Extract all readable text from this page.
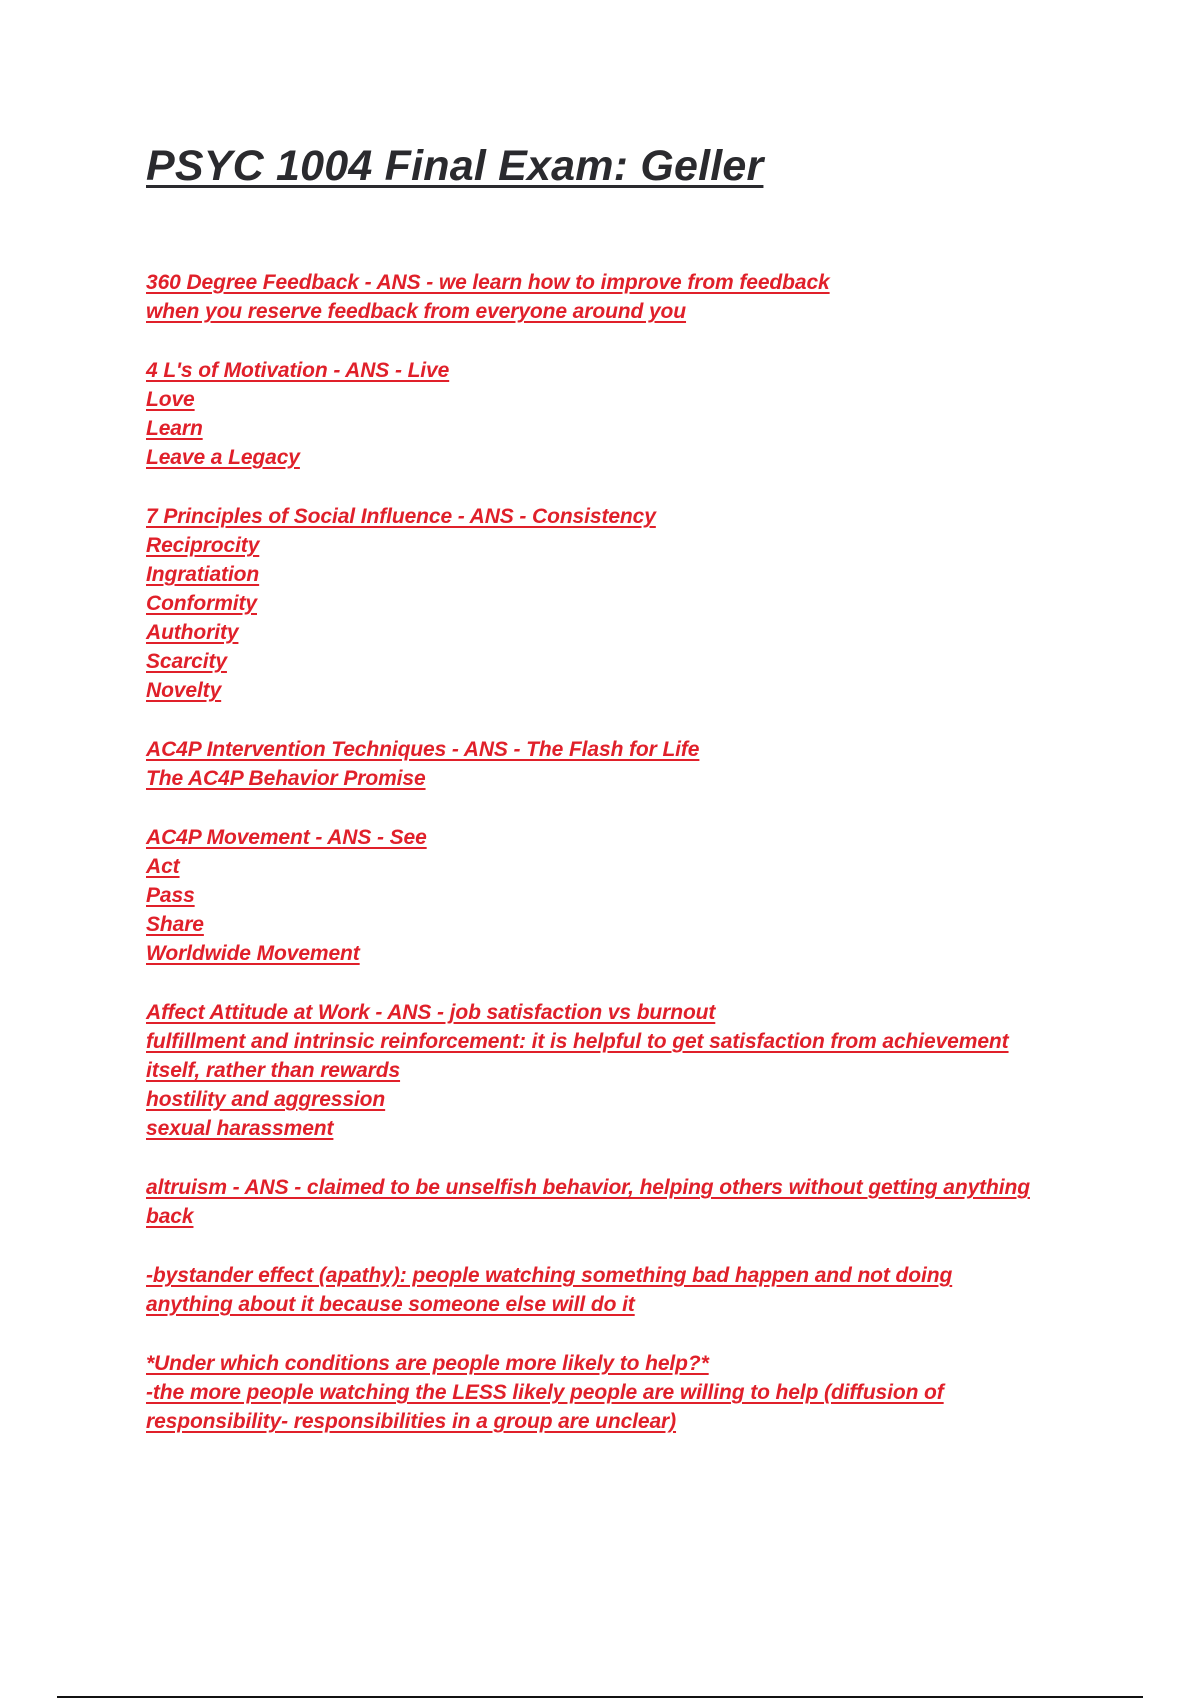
PSYC 1004 Final Exam: Geller

360 Degree Feedback - ANS - we learn how to improve from feedback

when you reserve feedback from everyone around you

4 L's of Motivation - ANS - Live

Love

Learn

Leave a Legacy

7 Principles of Social Influence - ANS - Consistency

Reciprocity

Ingratiation

Conformity

Authority

Scarcity

Novelty

AC4P Intervention Techniques - ANS - The Flash for Life

The AC4P Behavior Promise

AC4P Movement - ANS - See

Act

Pass

Share

Worldwide Movement

Affect Attitude at Work - ANS - job satisfaction vs burnout

fulfillment and intrinsic reinforcement: it is helpful to get satisfaction from achievement

itself, rather than rewards

hostility and aggression

sexual harassment

altruism - ANS - claimed to be unselfish behavior, helping others without getting anything

back

-bystander effect (apathy): people watching something bad happen and not doing

anything about it because someone else will do it

*Under which conditions are people more likely to help?*

-the more people watching the LESS likely people are willing to help (diffusion of

responsibility- responsibilities in a group are unclear)
